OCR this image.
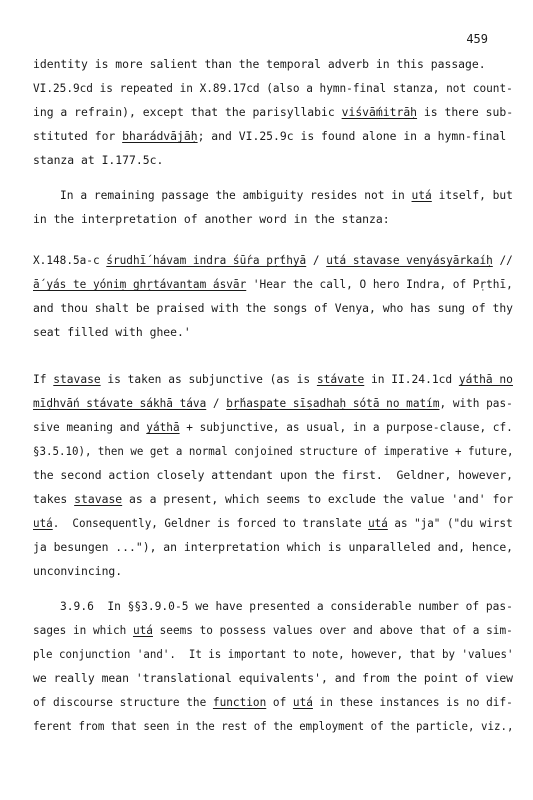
459
identity is more salient than the temporal adverb in this passage.
VI.25.9cd is repeated in X.89.17cd (also a hymn-final stanza, not count-
ing a refrain), except that the parisyllabic viśvā́mitrāḥ is there sub-
stituted for bharádvājāḥ; and VI.25.9c is found alone in a hymn-final
stanza at I.177.5c.
In a remaining passage the ambiguity resides not in utá itself, but
in the interpretation of another word in the stanza:
X.148.5a-c śrudhī́ hávam indra śū́ra pṛ́thyā / utá stavase venyásyārkaíḥ //
ā́ yás te yóniṃ ghṛtávantam ásvār 'Hear the call, O hero Indra, of Pṛthī,
and thou shalt be praised with the songs of Venya, who has sung of thy
seat filled with ghee.'
If stavase is taken as subjunctive (as is stávate in II.24.1cd yáthā no
mīḍhvā́n stávate sákhā táva / bṛ́haspate sīṣadhaḥ sótā no matím, with pas-
sive meaning and yáthā + subjunctive, as usual, in a purpose-clause, cf.
§3.5.10), then we get a normal conjoined structure of imperative + future,
the second action closely attendant upon the first.  Geldner, however,
takes stavase as a present, which seems to exclude the value 'and' for
utá.  Consequently, Geldner is forced to translate utá as "ja" ("du wirst
ja besungen ..."), an interpretation which is unparalleled and, hence,
unconvincing.
3.9.6  In §§3.9.0-5 we have presented a considerable number of pas-
sages in which utá seems to possess values over and above that of a sim-
ple conjunction 'and'.  It is important to note, however, that by 'values'
we really mean 'translational equivalents', and from the point of view
of discourse structure the function of utá in these instances is no dif-
ferent from that seen in the rest of the employment of the particle, viz.,
